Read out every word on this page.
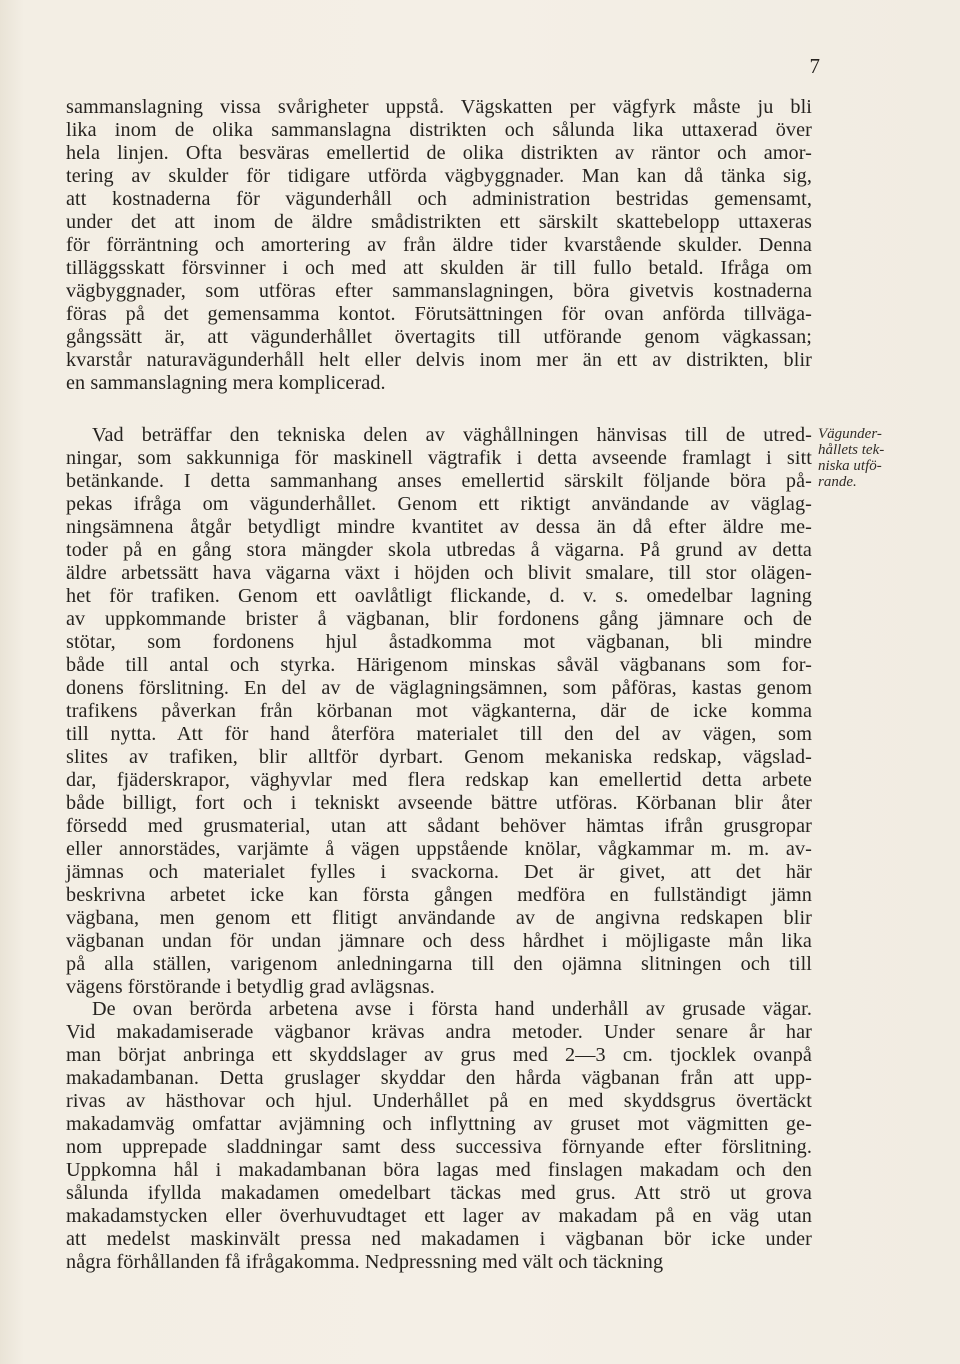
7
Vägunder-
hållets tek-
niska utfö-
rande.
sammanslagning vissa svårigheter uppstå. Vägskatten per vägfyrk måste ju bli
lika inom de olika sammanslagna distrikten och sålunda lika uttaxerad över
hela linjen. Ofta besväras emellertid de olika distrikten av räntor och amor-
tering av skulder för tidigare utförda vägbyggnader. Man kan då tänka sig,
att kostnaderna för vägunderhåll och administration bestridas gemensamt,
under det att inom de äldre smådistrikten ett särskilt skattebelopp uttaxeras
för förräntning och amortering av från äldre tider kvarstående skulder. Denna
tilläggsskatt försvinner i och med att skulden är till fullo betald. Ifråga om
vägbyggnader, som utföras efter sammanslagningen, böra givetvis kostnaderna
föras på det gemensamma kontot. Förutsättningen för ovan anförda tillväga-
gångssätt är, att vägunderhållet övertagits till utförande genom vägkassan;
kvarstår naturavägunderhåll helt eller delvis inom mer än ett av distrikten, blir
en sammanslagning mera komplicerad.
Vad beträffar den tekniska delen av väghållningen hänvisas till de utred-
ningar, som sakkunniga för maskinell vägtrafik i detta avseende framlagt i sitt
betänkande. I detta sammanhang anses emellertid särskilt följande böra på-
pekas ifråga om vägunderhållet. Genom ett riktigt användande av väglag-
ningsämnena åtgår betydligt mindre kvantitet av dessa än då efter äldre me-
toder på en gång stora mängder skola utbredas å vägarna. På grund av detta
äldre arbetssätt hava vägarna växt i höjden och blivit smalare, till stor olägen-
het för trafiken. Genom ett oavlåtligt flickande, d. v. s. omedelbar lagning
av uppkommande brister å vägbanan, blir fordonens gång jämnare och de
stötar, som fordonens hjul åstadkomma mot vägbanan, bli mindre
både till antal och styrka. Härigenom minskas såväl vägbanans som for-
donens förslitning. En del av de väglagningsämnen, som påföras, kastas genom
trafikens påverkan från körbanan mot vägkanterna, där de icke komma
till nytta. Att för hand återföra materialet till den del av vägen, som
slites av trafiken, blir alltför dyrbart. Genom mekaniska redskap, vägslad-
dar, fjäderskrapor, väghyvlar med flera redskap kan emellertid detta arbete
både billigt, fort och i tekniskt avseende bättre utföras. Körbanan blir åter
försedd med grusmaterial, utan att sådant behöver hämtas ifrån grusgropar
eller annorstädes, varjämte å vägen uppstående knölar, vågkammar m. m. av-
jämnas och materialet fylles i svackorna. Det är givet, att det här
beskrivna arbetet icke kan första gången medföra en fullständigt jämn
vägbana, men genom ett flitigt användande av de angivna redskapen blir
vägbanan undan för undan jämnare och dess hårdhet i möjligaste mån lika
på alla ställen, varigenom anledningarna till den ojämna slitningen och till
vägens förstörande i betydlig grad avlägsnas.
De ovan berörda arbetena avse i första hand underhåll av grusade vägar.
Vid makadamiserade vägbanor krävas andra metoder. Under senare år har
man börjat anbringa ett skyddslager av grus med 2—3 cm. tjocklek ovanpå
makadambanan. Detta gruslager skyddar den hårda vägbanan från att upp-
rivas av hästhovar och hjul. Underhållet på en med skyddsgrus övertäckt
makadamväg omfattar avjämning och inflyttning av gruset mot vägmitten ge-
nom upprepade sladdningar samt dess successiva förnyande efter förslitning.
Uppkomna hål i makadambanan böra lagas med finslagen makadam och den
sålunda ifyllda makadamen omedelbart täckas med grus. Att strö ut grova
makadamstycken eller överhuvudtaget ett lager av makadam på en väg utan
att medelst maskinvält pressa ned makadamen i vägbanan bör icke under
några förhållanden få ifrågakomma. Nedpressning med vält och täckning
